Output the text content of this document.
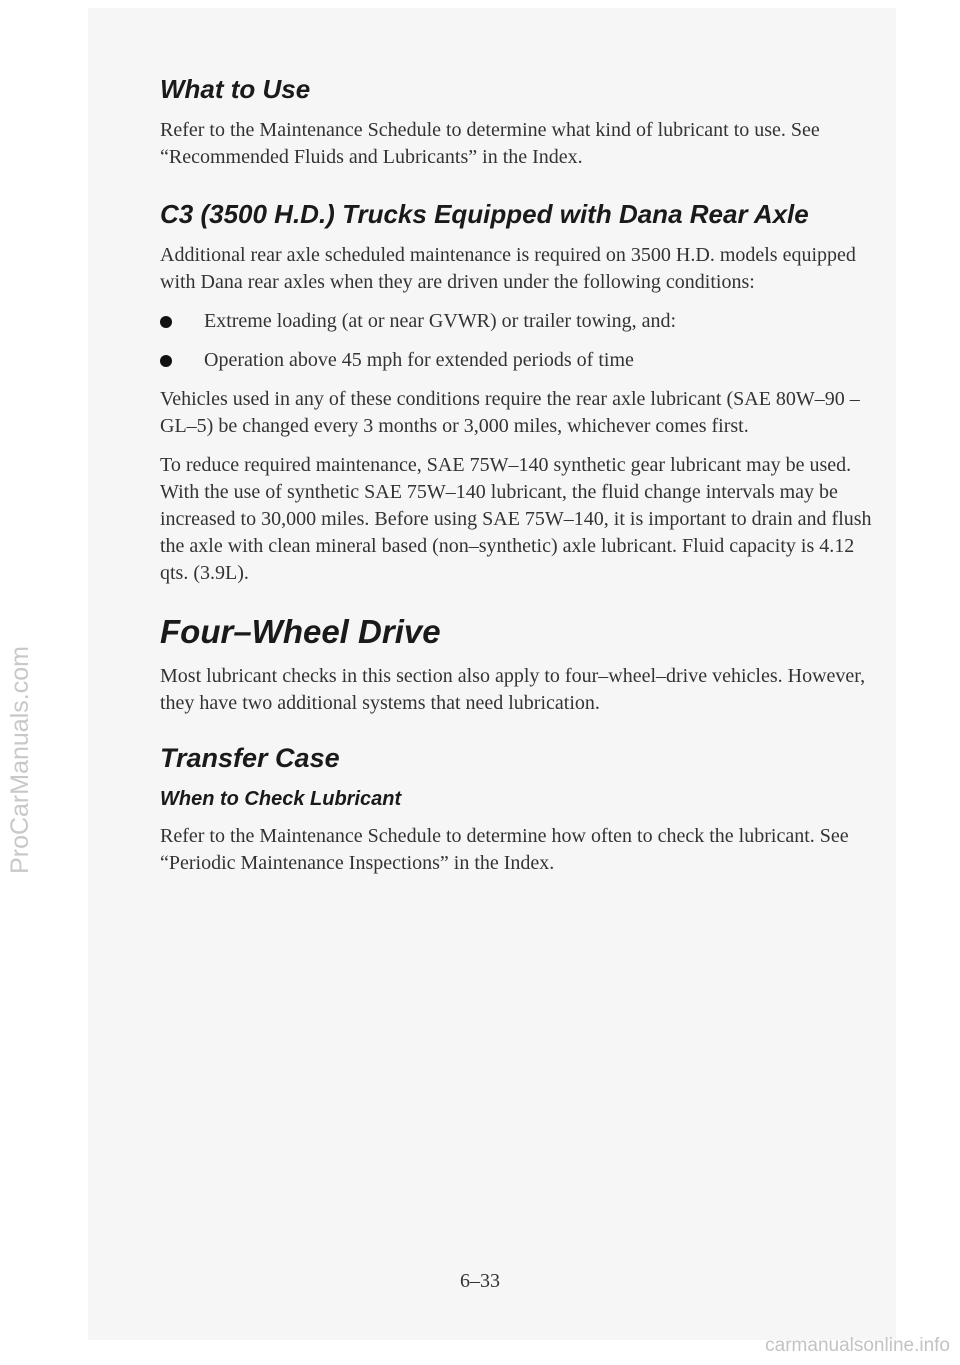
ProCarManuals.com
What to Use

Refer to the Maintenance Schedule to determine what kind of lubricant to use. See “Recommended Fluids and Lubricants” in the Index.

C3 (3500 H.D.) Trucks Equipped with Dana Rear Axle

Additional rear axle scheduled maintenance is required on 3500 H.D. models equipped with Dana rear axles when they are driven under the following conditions:

Extreme loading (at or near GVWR) or trailer towing, and:
Operation above 45 mph for extended periods of time

Vehicles used in any of these conditions require the rear axle lubricant (SAE 80W–90 – GL–5) be changed every 3 months or 3,000 miles, whichever comes first.

To reduce required maintenance, SAE 75W–140 synthetic gear lubricant may be used. With the use of synthetic SAE 75W–140 lubricant, the fluid change intervals may be increased to 30,000 miles. Before using SAE 75W–140, it is important to drain and flush the axle with clean mineral based (non–synthetic) axle lubricant. Fluid capacity is 4.12 qts. (3.9L).

Four–Wheel Drive

Most lubricant checks in this section also apply to four–wheel–drive vehicles. However, they have two additional systems that need lubrication.

Transfer Case
When to Check Lubricant

Refer to the Maintenance Schedule to determine how often to check the lubricant. See “Periodic Maintenance Inspections” in the Index.

6–33
carmanualsonline.info
